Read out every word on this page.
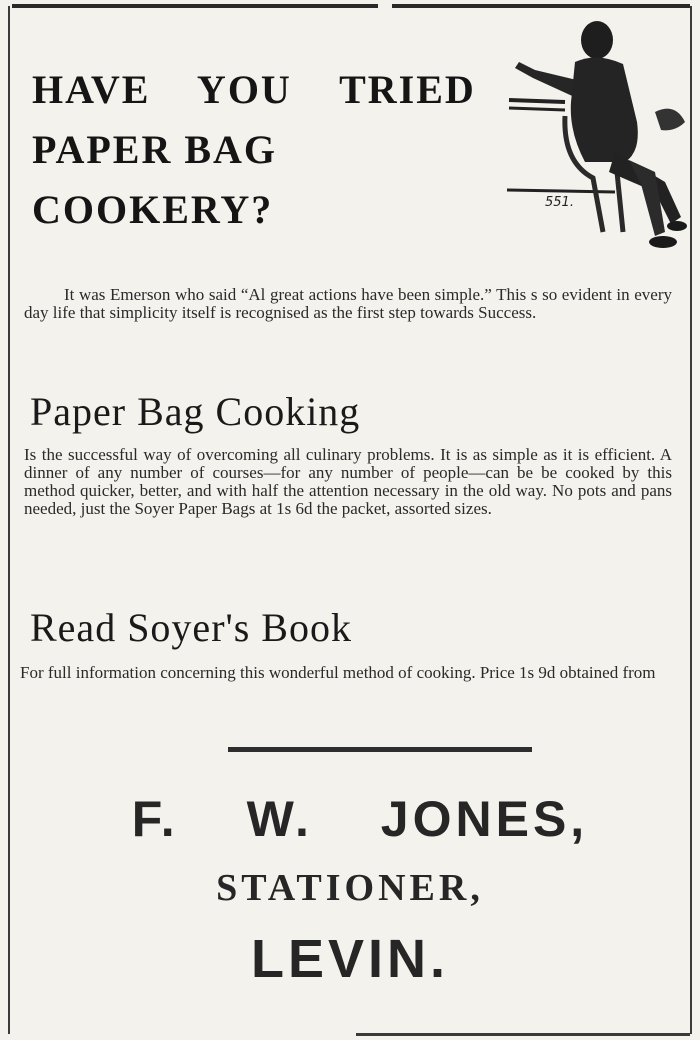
HAVE YOU TRIED
PAPER BAG
COOKERY?	551.
It was Emerson who said “Al great actions have been simple.” This s so evident in every day life that simplicity itself is recognised as the first step towards Success.
Paper Bag Cooking
Is the successful way of overcoming all culinary problems. It is as simple as it is efficient. A dinner of any number of courses—for any number of people—can be be cooked by this method quicker, better, and with half the attention necessary in the old way. No pots and pans needed, just the Soyer Paper Bags at 1s 6d the packet, assorted sizes.
Read Soyer's Book
For full information concerning this wonderful method of cooking. Price 1s 9d obtained from
F. W. JONES,
STATIONER,
LEVIN.
